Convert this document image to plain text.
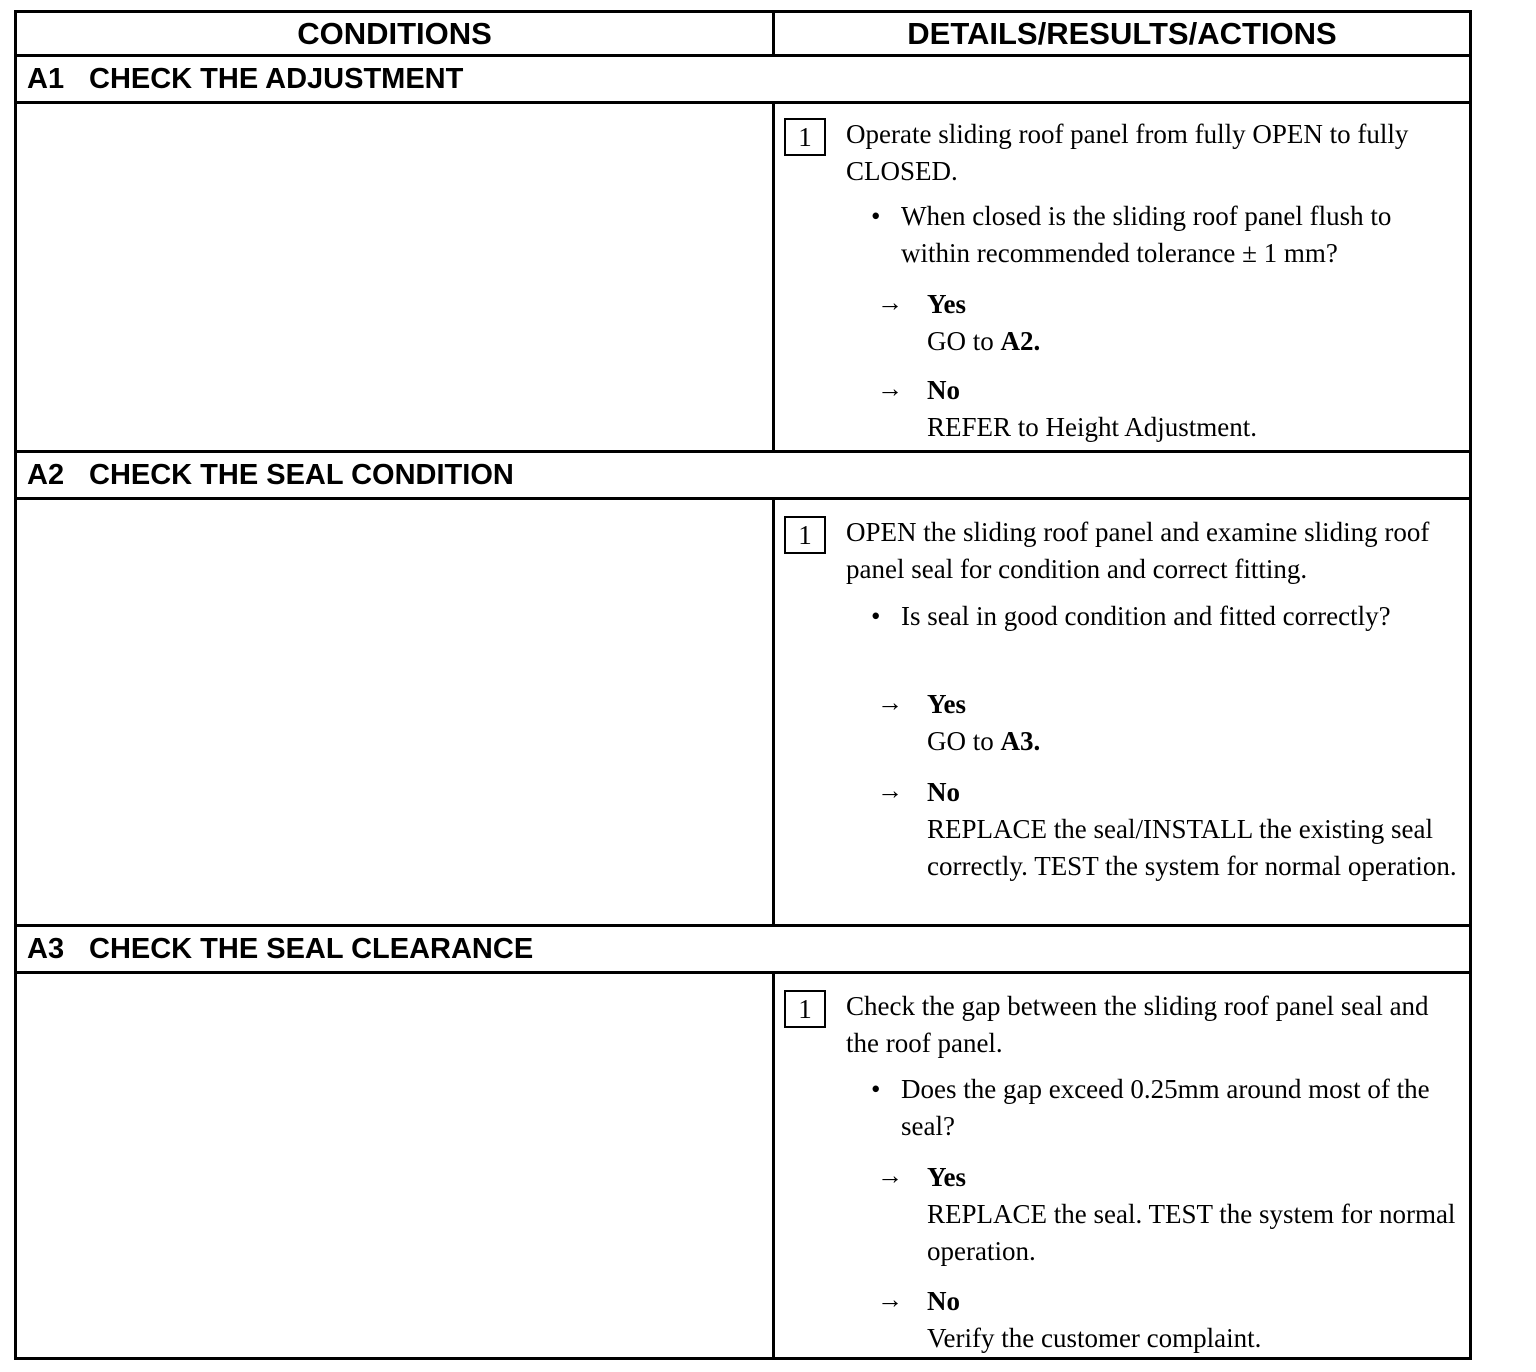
CONDITIONS	DETAILS/RESULTS/ACTIONS
A1 CHECK THE ADJUSTMENT
1	Operate sliding roof panel from fully OPEN to fully CLOSED.
• When closed is the sliding roof panel flush to within recommended tolerance ± 1 mm?
→ Yes
GO to A2.
→ No
REFER to Height Adjustment.
A2 CHECK THE SEAL CONDITION
1	OPEN the sliding roof panel and examine sliding roof panel seal for condition and correct fitting.
• Is seal in good condition and fitted correctly?
→ Yes
GO to A3.
→ No
REPLACE the seal/INSTALL the existing seal correctly. TEST the system for normal operation.
A3 CHECK THE SEAL CLEARANCE
1	Check the gap between the sliding roof panel seal and the roof panel.
• Does the gap exceed 0.25mm around most of the seal?
→ Yes
REPLACE the seal. TEST the system for normal operation.
→ No
Verify the customer complaint.
